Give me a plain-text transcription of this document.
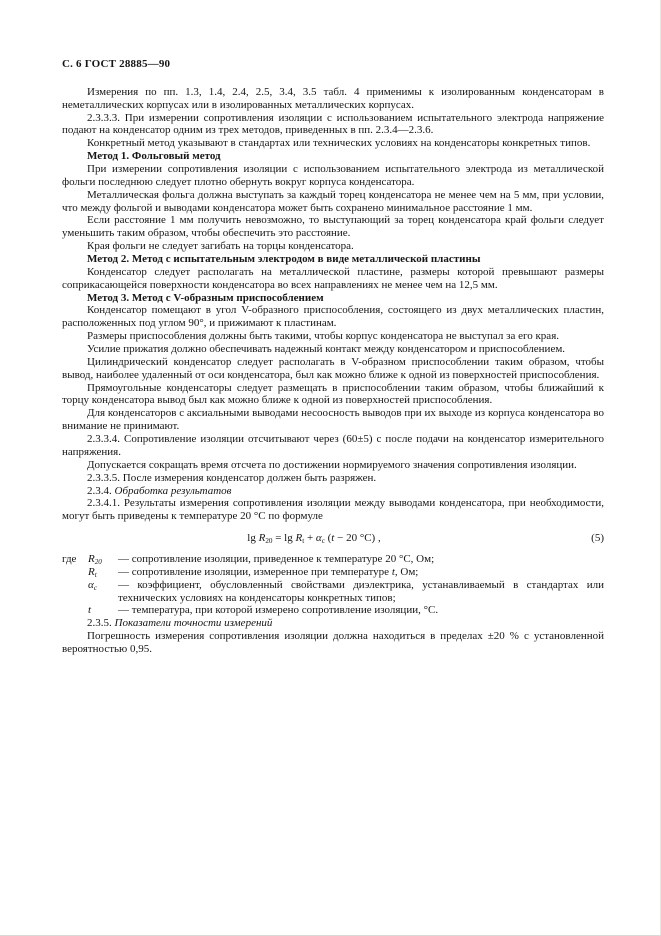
С. 6 ГОСТ 28885—90

Измерения по пп. 1.3, 1.4, 2.4, 2.5, 3.4, 3.5 табл. 4 применимы к изолированным конденсаторам в неметаллических корпусах или в изолированных металлических корпусах.

2.3.3.3. При измерении сопротивления изоляции с использованием испытательного электрода напряжение подают на конденсатор одним из трех методов, приведенных в пп. 2.3.4—2.3.6.

Конкретный метод указывают в стандартах или технических условиях на конденсаторы конкретных типов.

Метод 1. Фольговый метод

При измерении сопротивления изоляции с использованием испытательного электрода из металлической фольги последнюю следует плотно обернуть вокруг корпуса конденсатора.

Металлическая фольга должна выступать за каждый торец конденсатора не менее чем на 5 мм, при условии, что между фольгой и выводами конденсатора может быть сохранено минимальное расстояние 1 мм.

Если расстояние 1 мм получить невозможно, то выступающий за торец конденсатора край фольги следует уменьшить таким образом, чтобы обеспечить это расстояние.

Края фольги не следует загибать на торцы конденсатора.

Метод 2. Метод с испытательным электродом в виде металлической пластины

Конденсатор следует располагать на металлической пластине, размеры которой превышают размеры соприкасающейся поверхности конденсатора во всех направлениях не менее чем на 12,5 мм.

Метод 3. Метод с V-образным приспособлением

Конденсатор помещают в угол V-образного приспособления, состоящего из двух металлических пластин, расположенных под углом 90°, и прижимают к пластинам.

Размеры приспособления должны быть такими, чтобы корпус конденсатора не выступал за его края.

Усилие прижатия должно обеспечивать надежный контакт между конденсатором и приспособлением.

Цилиндрический конденсатор следует располагать в V-образном приспособлении таким образом, чтобы вывод, наиболее удаленный от оси конденсатора, был как можно ближе к одной из поверхностей приспособления.

Прямоугольные конденсаторы следует размещать в приспособлении таким образом, чтобы ближайший к торцу конденсатора вывод был как можно ближе к одной из поверхностей приспособления.

Для конденсаторов с аксиальными выводами несоосность выводов при их выходе из корпуса конденсатора во внимание не принимают.

2.3.3.4. Сопротивление изоляции отсчитывают через (60±5) с после подачи на конденсатор измерительного напряжения.

Допускается сокращать время отсчета по достижении нормируемого значения сопротивления изоляции.

2.3.3.5. После измерения конденсатор должен быть разряжен.

2.3.4. Обработка результатов

2.3.4.1. Результаты измерения сопротивления изоляции между выводами конденсатора, при необходимости, могут быть приведены к температуре 20 °С по формуле

$\lg R_{20} = \lg R_t + \alpha_с$ (t − 20 °С) ,	(5)
где	$R_{20}$	— сопротивление изоляции, приведенное к температуре 20 °С, Ом;
$R_t$	— сопротивление изоляции, измеренное при температуре t, Ом;
$\alpha_с$	— коэффициент, обусловленный свойствами диэлектрика, устанавливаемый в стандартах или технических условиях на конденсаторы конкретных типов;
t	— температура, при которой измерено сопротивление изоляции, °С.

2.3.5. Показатели точности измерений

Погрешность измерения сопротивления изоляции должна находиться в пределах ±20 % с установленной вероятностью 0,95.
